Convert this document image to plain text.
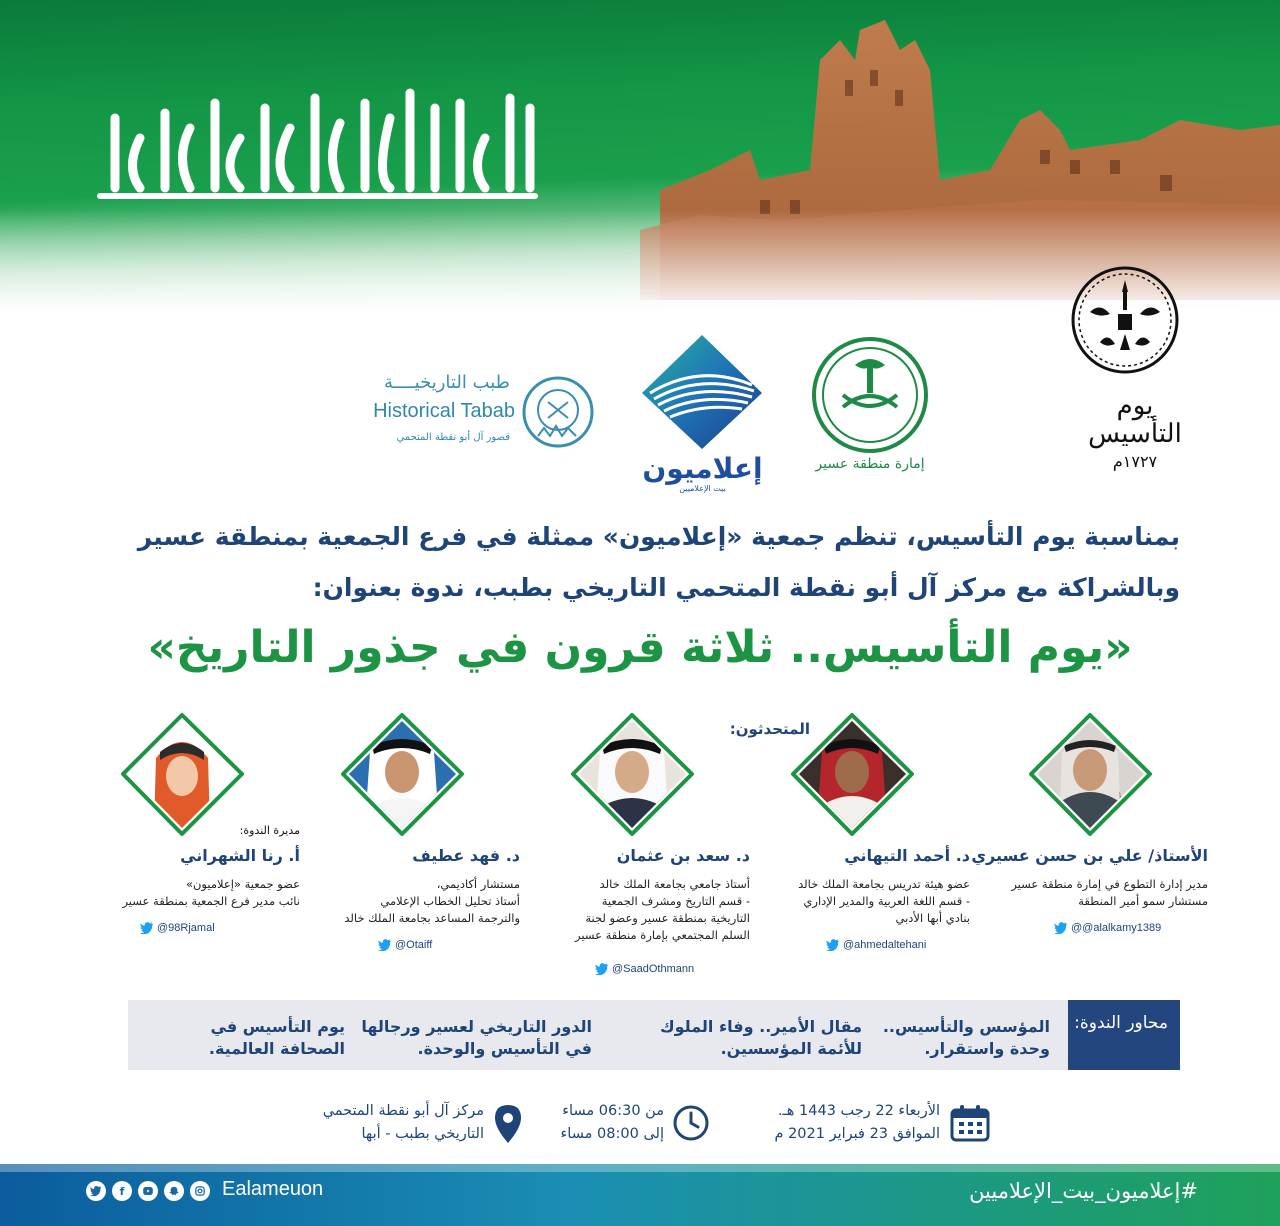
يوم التأسيس
١٧٢٧م
إمارة منطقة عسير
إعلاميون
بيت الإعلاميين
طبب التاريخيــــة
Historical Tabab
قصور آل أبو نقطة المتحمي
بمناسبة يوم التأسيس، تنظم جمعية «إعلاميون» ممثلة في فرع الجمعية بمنطقة عسير
وبالشراكة مع مركز آل أبو نقطة المتحمي التاريخي بطبب، ندوة بعنوان:
«يوم التأسيس.. ثلاثة قرون في جذور التاريخ»
المتحدثون:
الأستاذ/ علي بن حسن عسيري
مدير إدارة التطوع في إمارة منطقة عسير
مستشار سمو أمير المنطقة
@@alalkamy1389
د. أحمد التيهاني
عضو هيئة تدريس بجامعة الملك خالد
- قسم اللغة العربية والمدير الإداري
بنادي أبها الأدبي
@ahmedaltehani
د. سعد بن عثمان
أستاذ جامعي بجامعة الملك خالد
- قسم التاريخ ومشرف الجمعية
التاريخية بمنطقة عسير وعضو لجنة
السلم المجتمعي بإمارة منطقة عسير
@SaadOthmann
د. فهد عطيف
مستشار أكاديمي،
أستاذ تحليل الخطاب الإعلامي
والترجمة المساعد بجامعة الملك خالد
@Otaiff
مديرة الندوة:
أ. رنا الشهراني
عضو جمعية «إعلاميون»
نائب مدير فرع الجمعية بمنطقة عسير
@98Rjamal
محاور الندوة:
المؤسس والتأسيس..
وحدة واستقرار.
مقال الأمير.. وفاء الملوك
للأئمة المؤسسين.
الدور التاريخي لعسير ورجالها
في التأسيس والوحدة.
يوم التأسيس في
الصحافة العالمية.
الأربعاء 22 رجب 1443 هـ.
الموافق 23 فبراير 2021 م
من 06:30 مساء
إلى 08:00 مساء
مركز آل أبو نقطة المتحمي
التاريخي بطبب - أبها
#إعلاميون_بيت_الإعلاميين
f	Ealameuon
